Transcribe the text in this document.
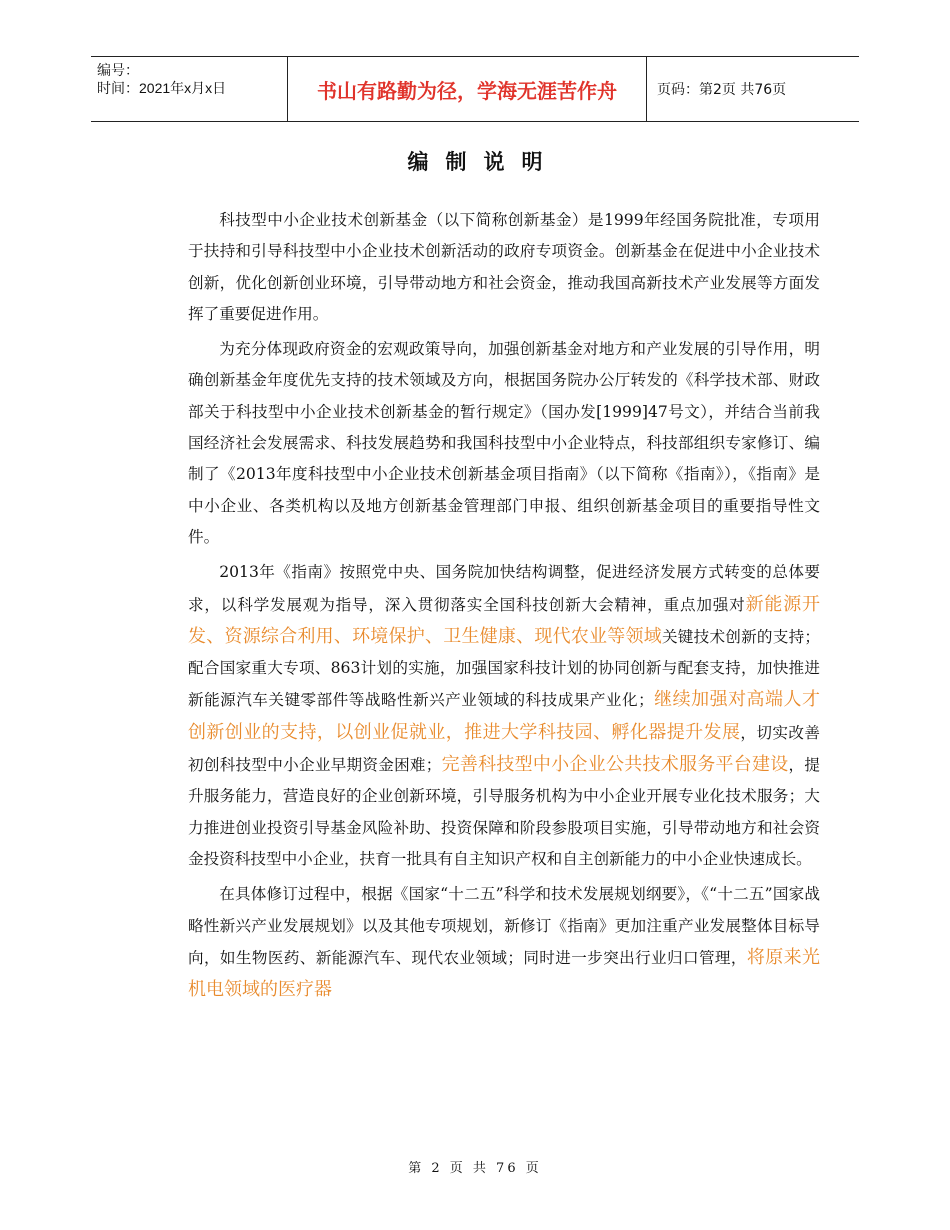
编号：
时间：2021年x月x日	书山有路勤为径，学海无涯苦作舟	页码：第2页 共76页
编制说明

科技型中小企业技术创新基金（以下简称创新基金）是1999年经国务院批准，专项用于扶持和引导科技型中小企业技术创新活动的政府专项资金。创新基金在促进中小企业技术创新，优化创新创业环境，引导带动地方和社会资金，推动我国高新技术产业发展等方面发挥了重要促进作用。

为充分体现政府资金的宏观政策导向，加强创新基金对地方和产业发展的引导作用，明确创新基金年度优先支持的技术领域及方向，根据国务院办公厅转发的《科学技术部、财政部关于科技型中小企业技术创新基金的暂行规定》（国办发[1999]47号文），并结合当前我国经济社会发展需求、科技发展趋势和我国科技型中小企业特点，科技部组织专家修订、编制了《2013年度科技型中小企业技术创新基金项目指南》（以下简称《指南》），《指南》是中小企业、各类机构以及地方创新基金管理部门申报、组织创新基金项目的重要指导性文件。

2013年《指南》按照党中央、国务院加快结构调整，促进经济发展方式转变的总体要求，以科学发展观为指导，深入贯彻落实全国科技创新大会精神，重点加强对新能源开发、资源综合利用、环境保护、卫生健康、现代农业等领域关键技术创新的支持；配合国家重大专项、863计划的实施，加强国家科技计划的协同创新与配套支持，加快推进新能源汽车关键零部件等战略性新兴产业领域的科技成果产业化；继续加强对高端人才创新创业的支持，以创业促就业，推进大学科技园、孵化器提升发展，切实改善初创科技型中小企业早期资金困难；完善科技型中小企业公共技术服务平台建设，提升服务能力，营造良好的企业创新环境，引导服务机构为中小企业开展专业化技术服务；大力推进创业投资引导基金风险补助、投资保障和阶段参股项目实施，引导带动地方和社会资金投资科技型中小企业，扶育一批具有自主知识产权和自主创新能力的中小企业快速成长。

在具体修订过程中，根据《国家“十二五”科学和技术发展规划纲要》，《“十二五”国家战略性新兴产业发展规划》以及其他专项规划，新修订《指南》更加注重产业发展整体目标导向，如生物医药、新能源汽车、现代农业领域；同时进一步突出行业归口管理，将原来光机电领域的医疗器

第 2 页 共 76 页
